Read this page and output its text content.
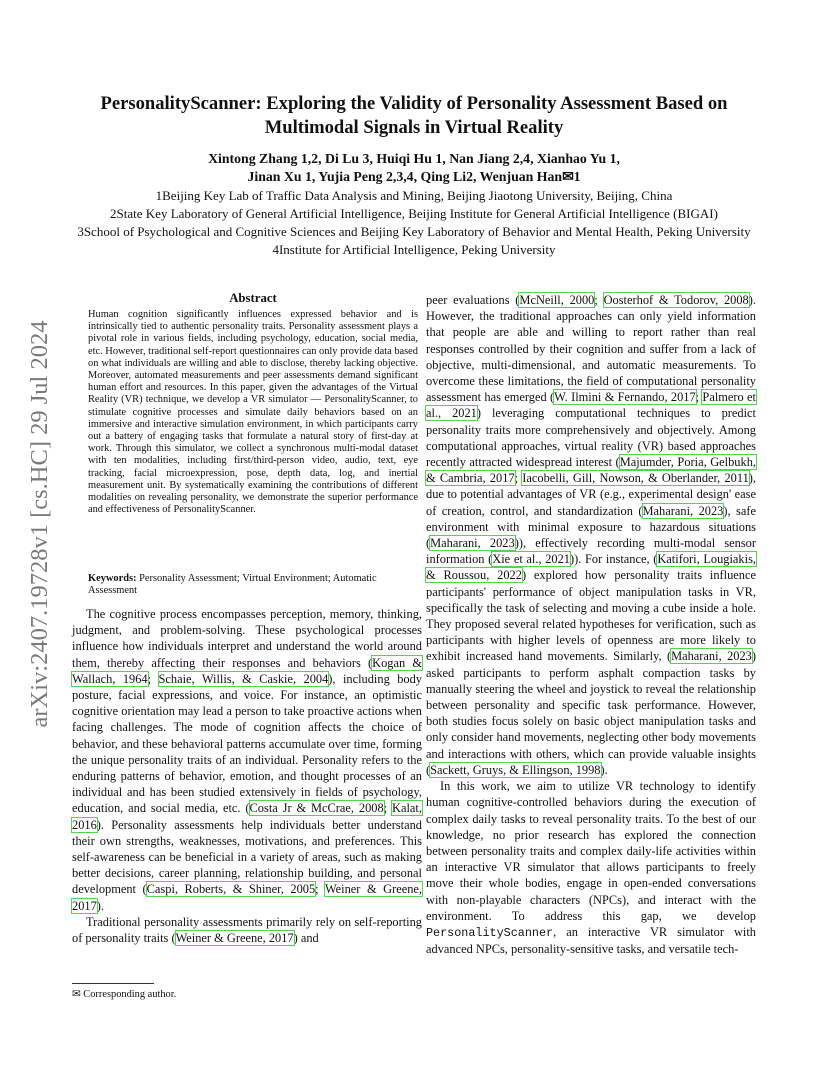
PersonalityScanner: Exploring the Validity of Personality Assessment Based on
Multimodal Signals in Virtual Reality
Xintong Zhang 1,2, Di Lu 3, Huiqi Hu 1, Nan Jiang 2,4, Xianhao Yu 1,
Jinan Xu 1, Yujia Peng 2,3,4, Qing Li2, Wenjuan Han✉1
1Beijing Key Lab of Traffic Data Analysis and Mining, Beijing Jiaotong University, Beijing, China
2State Key Laboratory of General Artificial Intelligence, Beijing Institute for General Artificial Intelligence (BIGAI)
3School of Psychological and Cognitive Sciences and Beijing Key Laboratory of Behavior and Mental Health, Peking University
4Institute for Artificial Intelligence, Peking University
arXiv:2407.19728v1 [cs.HC] 29 Jul 2024
Abstract
Human cognition significantly influences expressed behavior and is intrinsically tied to authentic personality traits. Personality assessment plays a pivotal role in various fields, including psychology, education, social media, etc. However, traditional self-report questionnaires can only provide data based on what individuals are willing and able to disclose, thereby lacking objective. Moreover, automated measurements and peer assessments demand significant human effort and resources. In this paper, given the advantages of the Virtual Reality (VR) technique, we develop a VR simulator — PersonalityScanner, to stimulate cognitive processes and simulate daily behaviors based on an immersive and interactive simulation environment, in which participants carry out a battery of engaging tasks that formulate a natural story of first-day at work. Through this simulator, we collect a synchronous multi-modal dataset with ten modalities, including first/third-person video, audio, text, eye tracking, facial microexpression, pose, depth data, log, and inertial measurement unit. By systematically examining the contributions of different modalities on revealing personality, we demonstrate the superior performance and effectiveness of PersonalityScanner.
Keywords: Personality Assessment; Virtual Environment; Automatic Assessment

The cognitive process encompasses perception, memory, thinking, judgment, and problem-solving. These psychological processes influence how individuals interpret and understand the world around them, thereby affecting their responses and behaviors (Kogan & Wallach, 1964; Schaie, Willis, & Caskie, 2004), including body posture, facial expressions, and voice. For instance, an optimistic cognitive orientation may lead a person to take proactive actions when facing challenges. The mode of cognition affects the choice of behavior, and these behavioral patterns accumulate over time, forming the unique personality traits of an individual. Personality refers to the enduring patterns of behavior, emotion, and thought processes of an individual and has been studied extensively in fields of psychology, education, and social media, etc. (Costa Jr & McCrae, 2008; Kalat, 2016). Personality assessments help individuals better understand their own strengths, weaknesses, motivations, and preferences. This self-awareness can be beneficial in a variety of areas, such as making better decisions, career planning, relationship building, and personal development (Caspi, Roberts, & Shiner, 2005; Weiner & Greene, 2017).

Traditional personality assessments primarily rely on self-reporting of personality traits (Weiner & Greene, 2017) and

peer evaluations (McNeill, 2000; Oosterhof & Todorov, 2008). However, the traditional approaches can only yield information that people are able and willing to report rather than real responses controlled by their cognition and suffer from a lack of objective, multi-dimensional, and automatic measurements. To overcome these limitations, the field of computational personality assessment has emerged (W. Ilmini & Fernando, 2017; Palmero et al., 2021) leveraging computational techniques to predict personality traits more comprehensively and objectively. Among computational approaches, virtual reality (VR) based approaches recently attracted widespread interest (Majumder, Poria, Gelbukh, & Cambria, 2017; Iacobelli, Gill, Nowson, & Oberlander, 2011), due to potential advantages of VR (e.g., experimental design' ease of creation, control, and standardization (Maharani, 2023), safe environment with minimal exposure to hazardous situations (Maharani, 2023)), effectively recording multi-modal sensor information (Xie et al., 2021)). For instance, (Katifori, Lougiakis, & Roussou, 2022) explored how personality traits influence participants' performance of object manipulation tasks in VR, specifically the task of selecting and moving a cube inside a hole. They proposed several related hypotheses for verification, such as participants with higher levels of openness are more likely to exhibit increased hand movements. Similarly, (Maharani, 2023) asked participants to perform asphalt compaction tasks by manually steering the wheel and joystick to reveal the relationship between personality and specific task performance. However, both studies focus solely on basic object manipulation tasks and only consider hand movements, neglecting other body movements and interactions with others, which can provide valuable insights (Sackett, Gruys, & Ellingson, 1998).

In this work, we aim to utilize VR technology to identify human cognitive-controlled behaviors during the execution of complex daily tasks to reveal personality traits. To the best of our knowledge, no prior research has explored the connection between personality traits and complex daily-life activities within an interactive VR simulator that allows participants to freely move their whole bodies, engage in open-ended conversations with non-playable characters (NPCs), and interact with the environment. To address this gap, we develop PersonalityScanner, an interactive VR simulator with advanced NPCs, personality-sensitive tasks, and versatile tech-

✉ Corresponding author.
